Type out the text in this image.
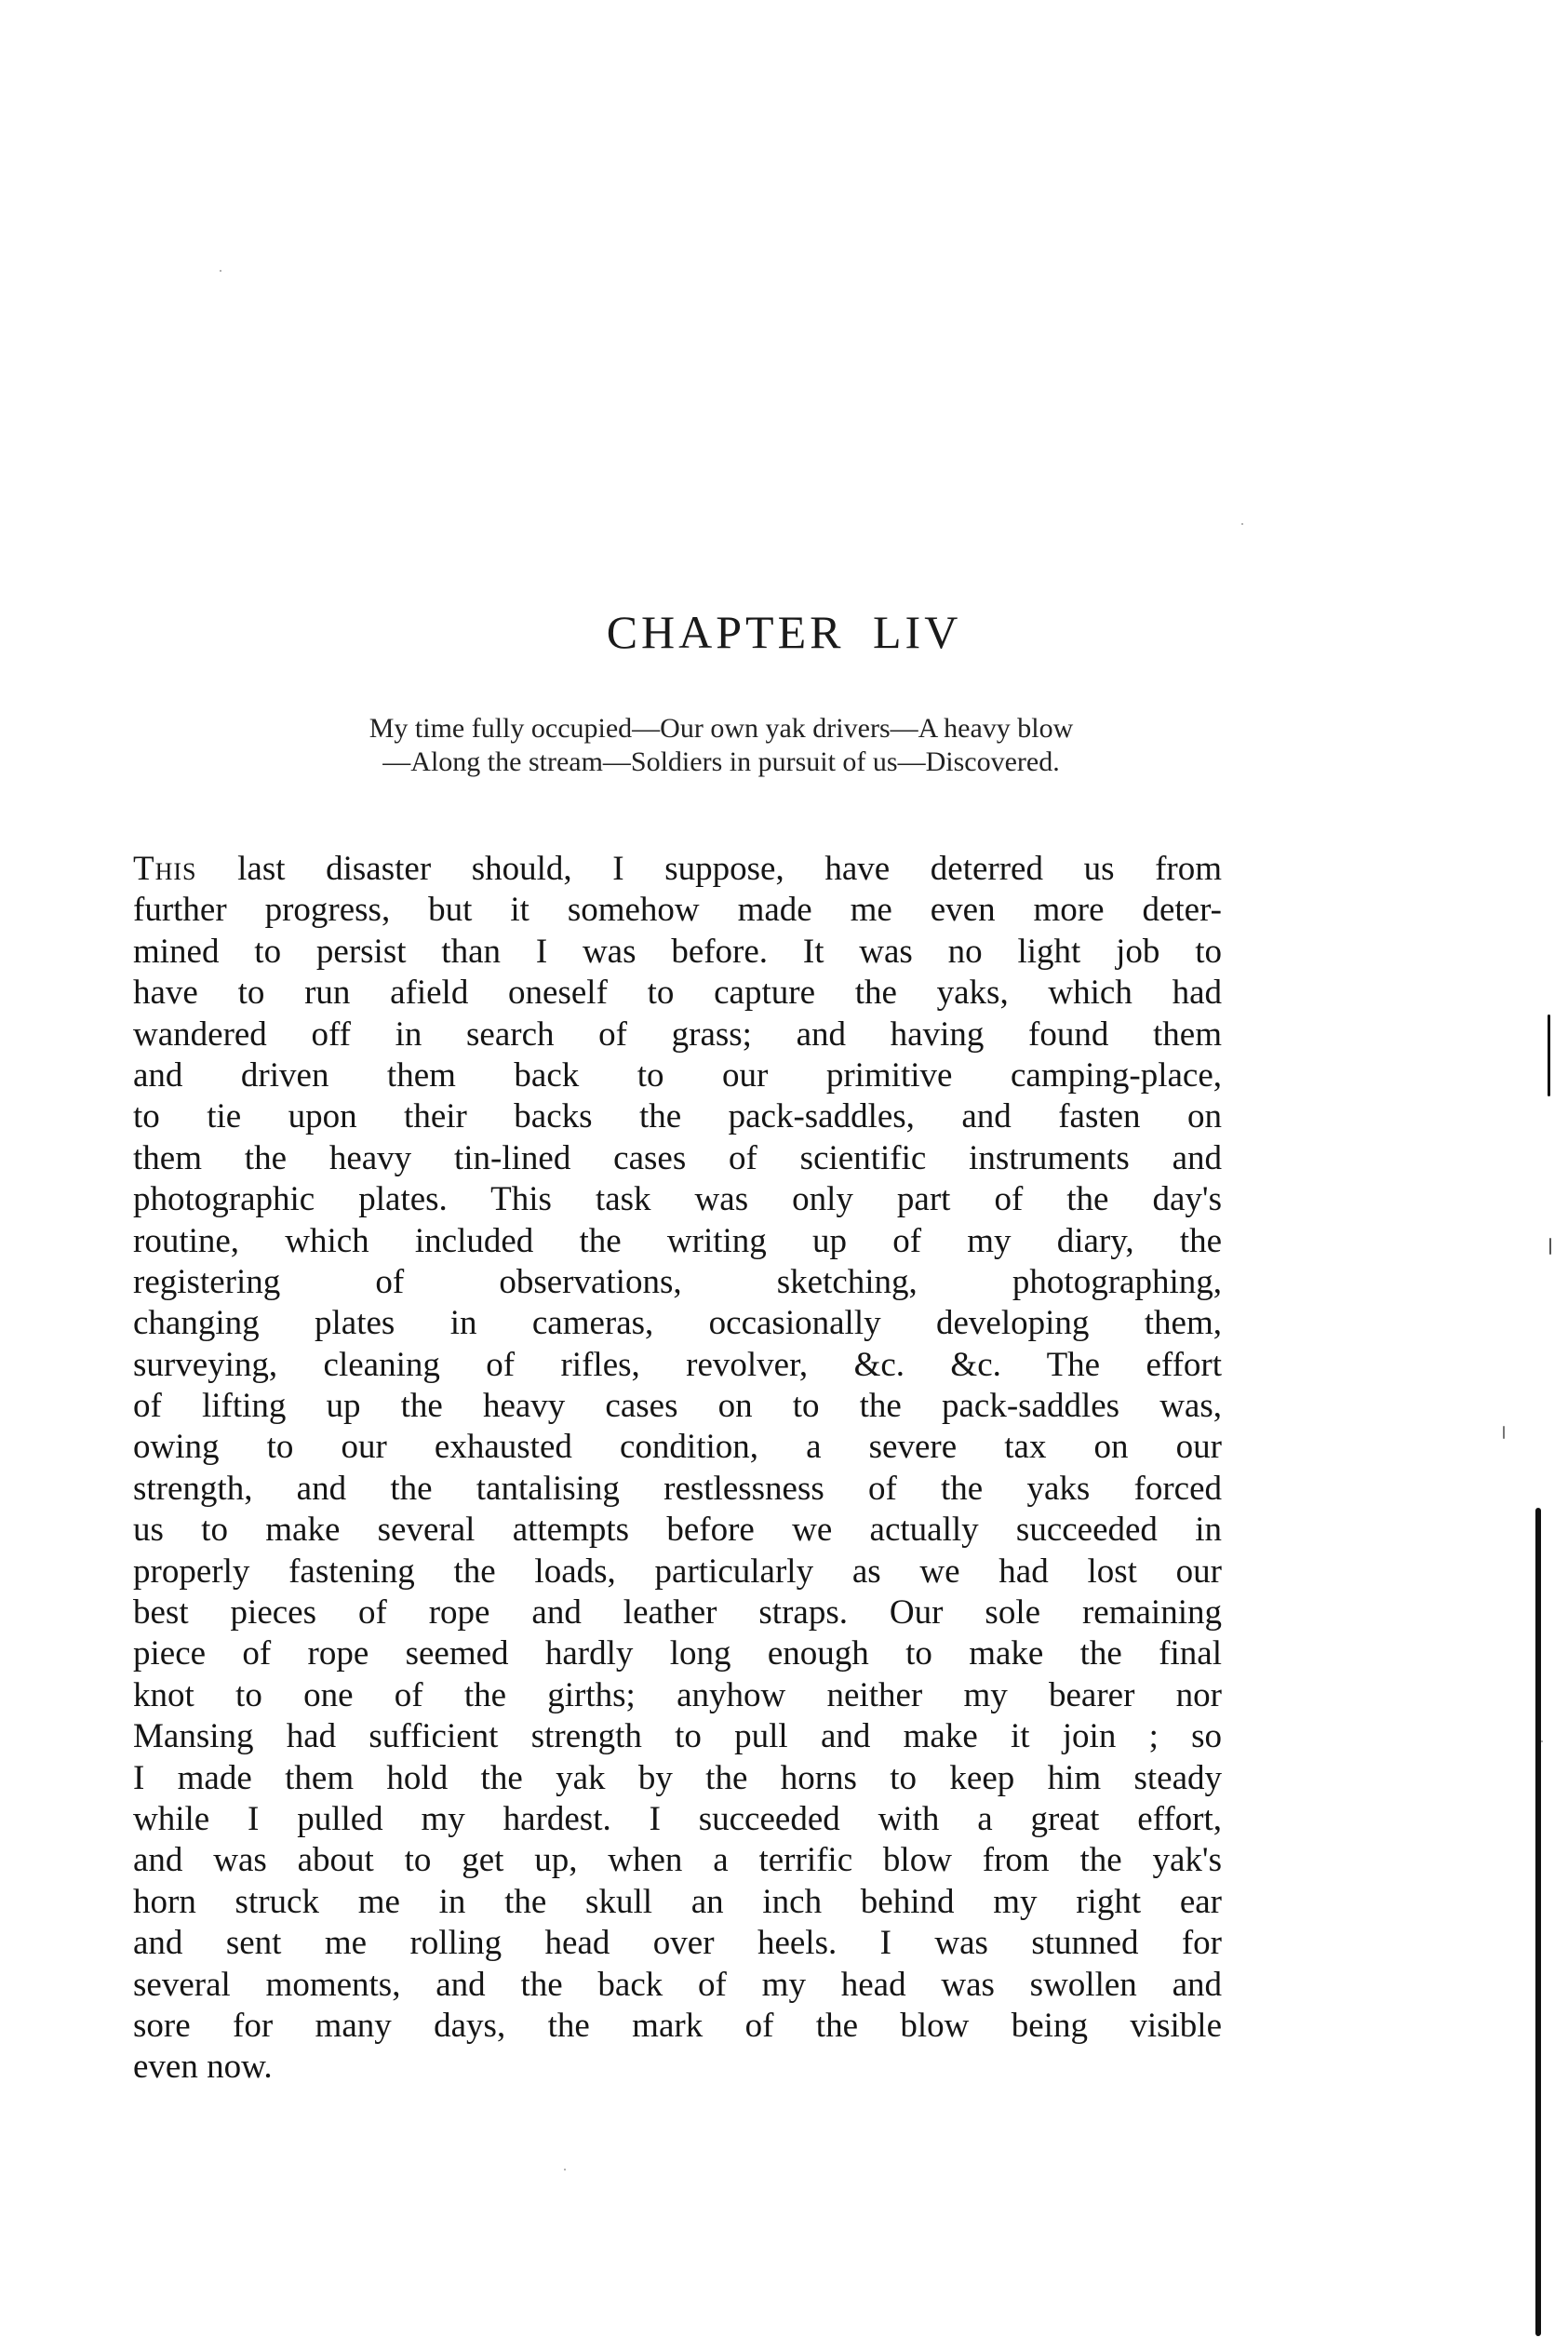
CHAPTER LIV
My time fully occupied—Our own yak drivers—A heavy blow
—Along the stream—Soldiers in pursuit of us—Discovered.
This last disaster should, I suppose, have deterred us from
further progress, but it somehow made me even more deter-
mined to persist than I was before. It was no light job to
have to run afield oneself to capture the yaks, which had
wandered off in search of grass; and having found them
and driven them back to our primitive camping-place,
to tie upon their backs the pack-saddles, and fasten on
them the heavy tin-lined cases of scientific instruments and
photographic plates. This task was only part of the day's
routine, which included the writing up of my diary, the
registering of observations, sketching, photographing,
changing plates in cameras, occasionally developing them,
surveying, cleaning of rifles, revolver, &c. &c. The effort
of lifting up the heavy cases on to the pack-saddles was,
owing to our exhausted condition, a severe tax on our
strength, and the tantalising restlessness of the yaks forced
us to make several attempts before we actually succeeded in
properly fastening the loads, particularly as we had lost our
best pieces of rope and leather straps. Our sole remaining
piece of rope seemed hardly long enough to make the final
knot to one of the girths; anyhow neither my bearer nor
Mansing had sufficient strength to pull and make it join ; so
I made them hold the yak by the horns to keep him steady
while I pulled my hardest. I succeeded with a great effort,
and was about to get up, when a terrific blow from the yak's
horn struck me in the skull an inch behind my right ear
and sent me rolling head over heels. I was stunned for
several moments, and the back of my head was swollen and
sore for many days, the mark of the blow being visible
even now.
